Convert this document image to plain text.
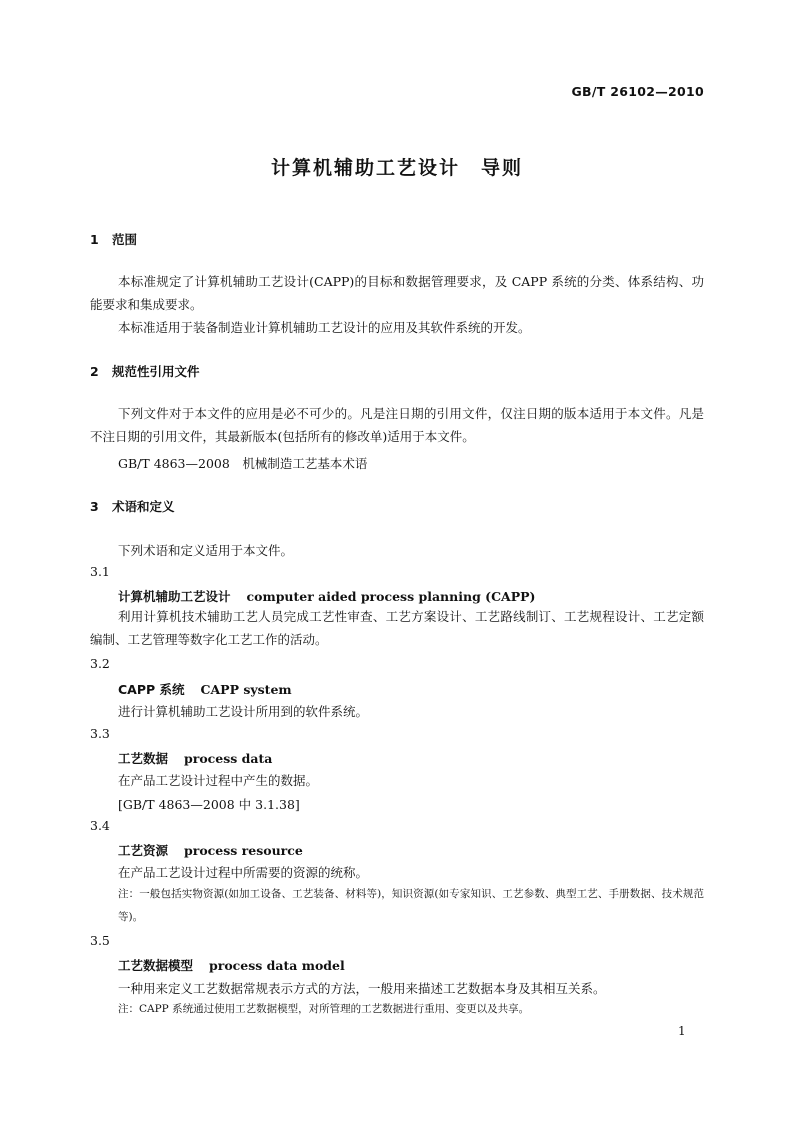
GB/T 26102—2010
计算机辅助工艺设计　导则
1 范围
本标准规定了计算机辅助工艺设计(CAPP)的目标和数据管理要求，及 CAPP 系统的分类、体系结构、功能要求和集成要求。
本标准适用于装备制造业计算机辅助工艺设计的应用及其软件系统的开发。
2 规范性引用文件
下列文件对于本文件的应用是必不可少的。凡是注日期的引用文件，仅注日期的版本适用于本文件。凡是不注日期的引用文件，其最新版本(包括所有的修改单)适用于本文件。
GB/T 4863—2008　机械制造工艺基本术语
3 术语和定义
下列术语和定义适用于本文件。
3.1
计算机辅助工艺设计 computer aided process planning (CAPP)
利用计算机技术辅助工艺人员完成工艺性审查、工艺方案设计、工艺路线制订、工艺规程设计、工艺定额编制、工艺管理等数字化工艺工作的活动。
3.2
CAPP 系统 CAPP system
进行计算机辅助工艺设计所用到的软件系统。
3.3
工艺数据 process data
在产品工艺设计过程中产生的数据。
[GB/T 4863—2008 中 3.1.38]
3.4
工艺资源 process resource
在产品工艺设计过程中所需要的资源的统称。
注：一般包括实物资源(如加工设备、工艺装备、材料等)，知识资源(如专家知识、工艺参数、典型工艺、手册数据、技术规范等)。
3.5
工艺数据模型 process data model
一种用来定义工艺数据常规表示方式的方法，一般用来描述工艺数据本身及其相互关系。
注：CAPP 系统通过使用工艺数据模型，对所管理的工艺数据进行重用、变更以及共享。
1
